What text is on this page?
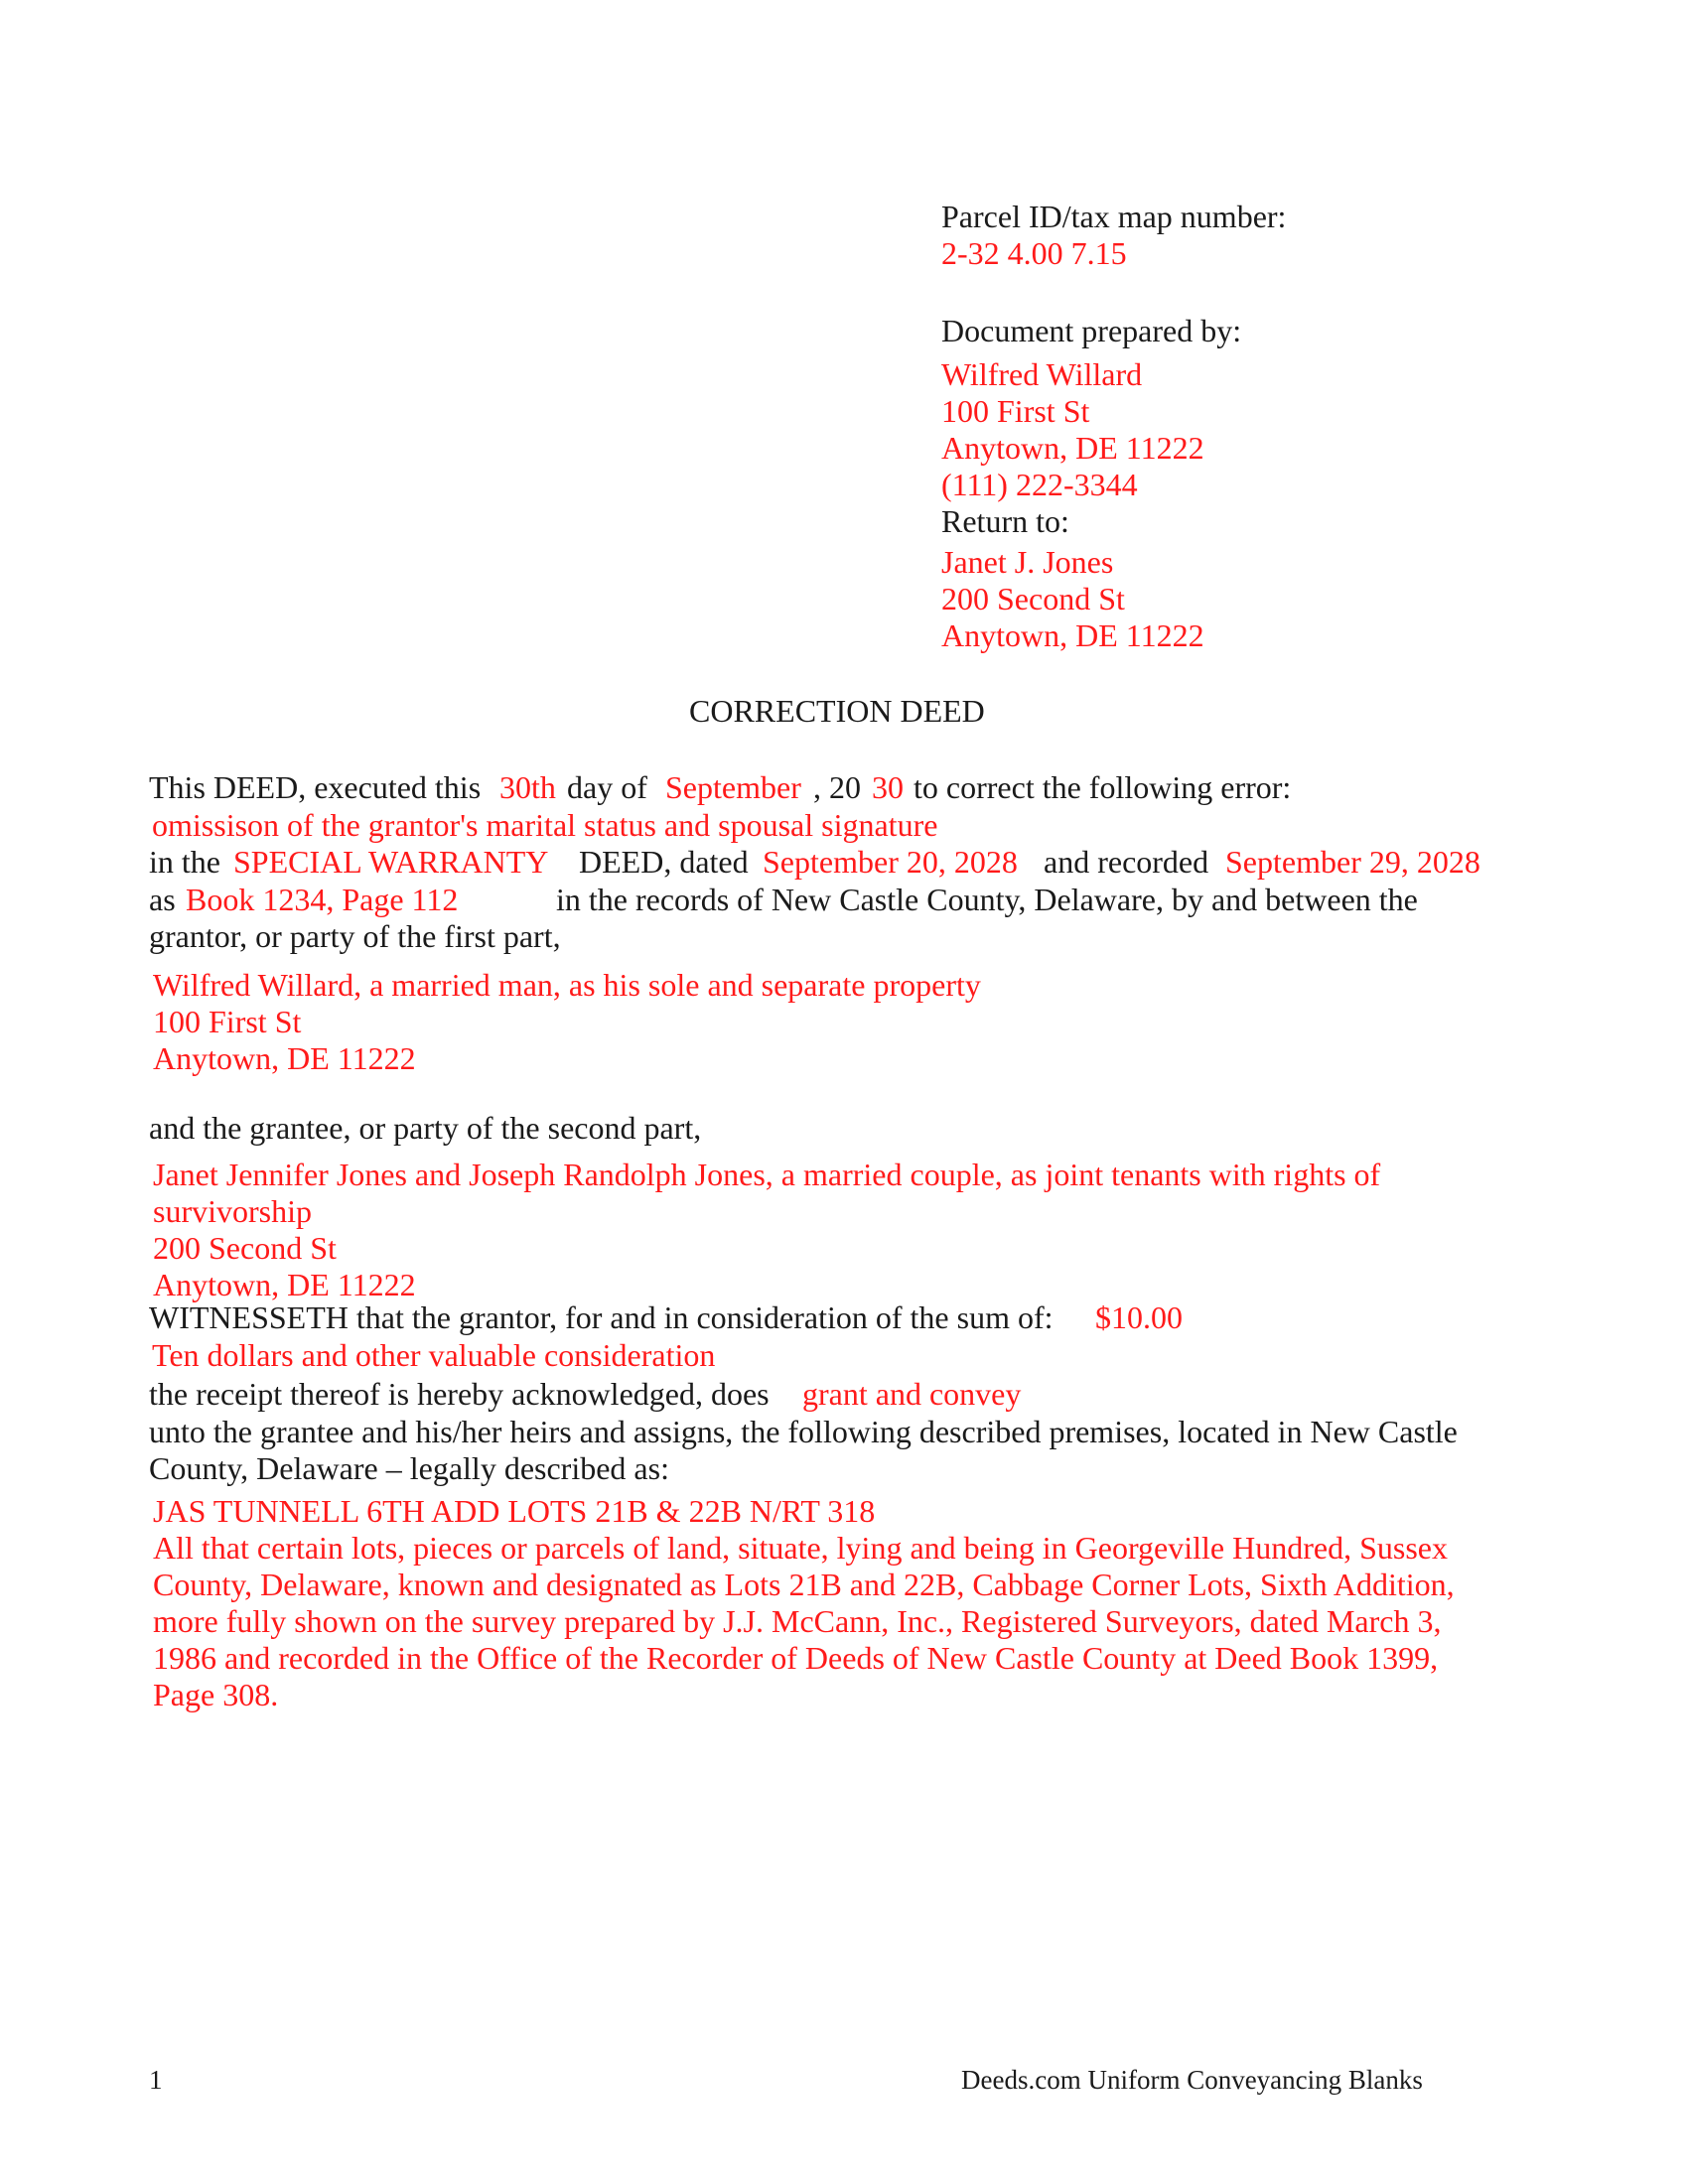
Parcel ID/tax map number:
2-32 4.00 7.15
Document prepared by:
Wilfred Willard
100 First St
Anytown, DE 11222
(111) 222-3344
Return to:
Janet J. Jones
200 Second St
Anytown, DE 11222
CORRECTION DEED
This DEED, executed this 30th day of September , 20 30 to correct the following error:
omissison of the grantor's marital status and spousal signature
in the SPECIAL WARRANTY DEED, dated September 20, 2028 and recorded September 29, 2028
as Book 1234, Page 112	in the records of New Castle County, Delaware, by and between the
grantor, or party of the first part,
Wilfred Willard, a married man, as his sole and separate property
100 First St
Anytown, DE 11222
and the grantee, or party of the second part,
Janet Jennifer Jones and Joseph Randolph Jones, a married couple, as joint tenants with rights of
survivorship
200 Second St
Anytown, DE 11222
WITNESSETH that the grantor, for and in consideration of the sum of: $10.00
Ten dollars and other valuable consideration
the receipt thereof is hereby acknowledged, does grant and convey
unto the grantee and his/her heirs and assigns, the following described premises, located in New Castle
County, Delaware – legally described as:
JAS TUNNELL 6TH ADD LOTS 21B & 22B N/RT 318
All that certain lots, pieces or parcels of land, situate, lying and being in Georgeville Hundred, Sussex
County, Delaware, known and designated as Lots 21B and 22B, Cabbage Corner Lots, Sixth Addition,
more fully shown on the survey prepared by J.J. McCann, Inc., Registered Surveyors, dated March 3,
1986 and recorded in the Office of the Recorder of Deeds of New Castle County at Deed Book 1399,
Page 308.
1	Deeds.com Uniform Conveyancing Blanks
